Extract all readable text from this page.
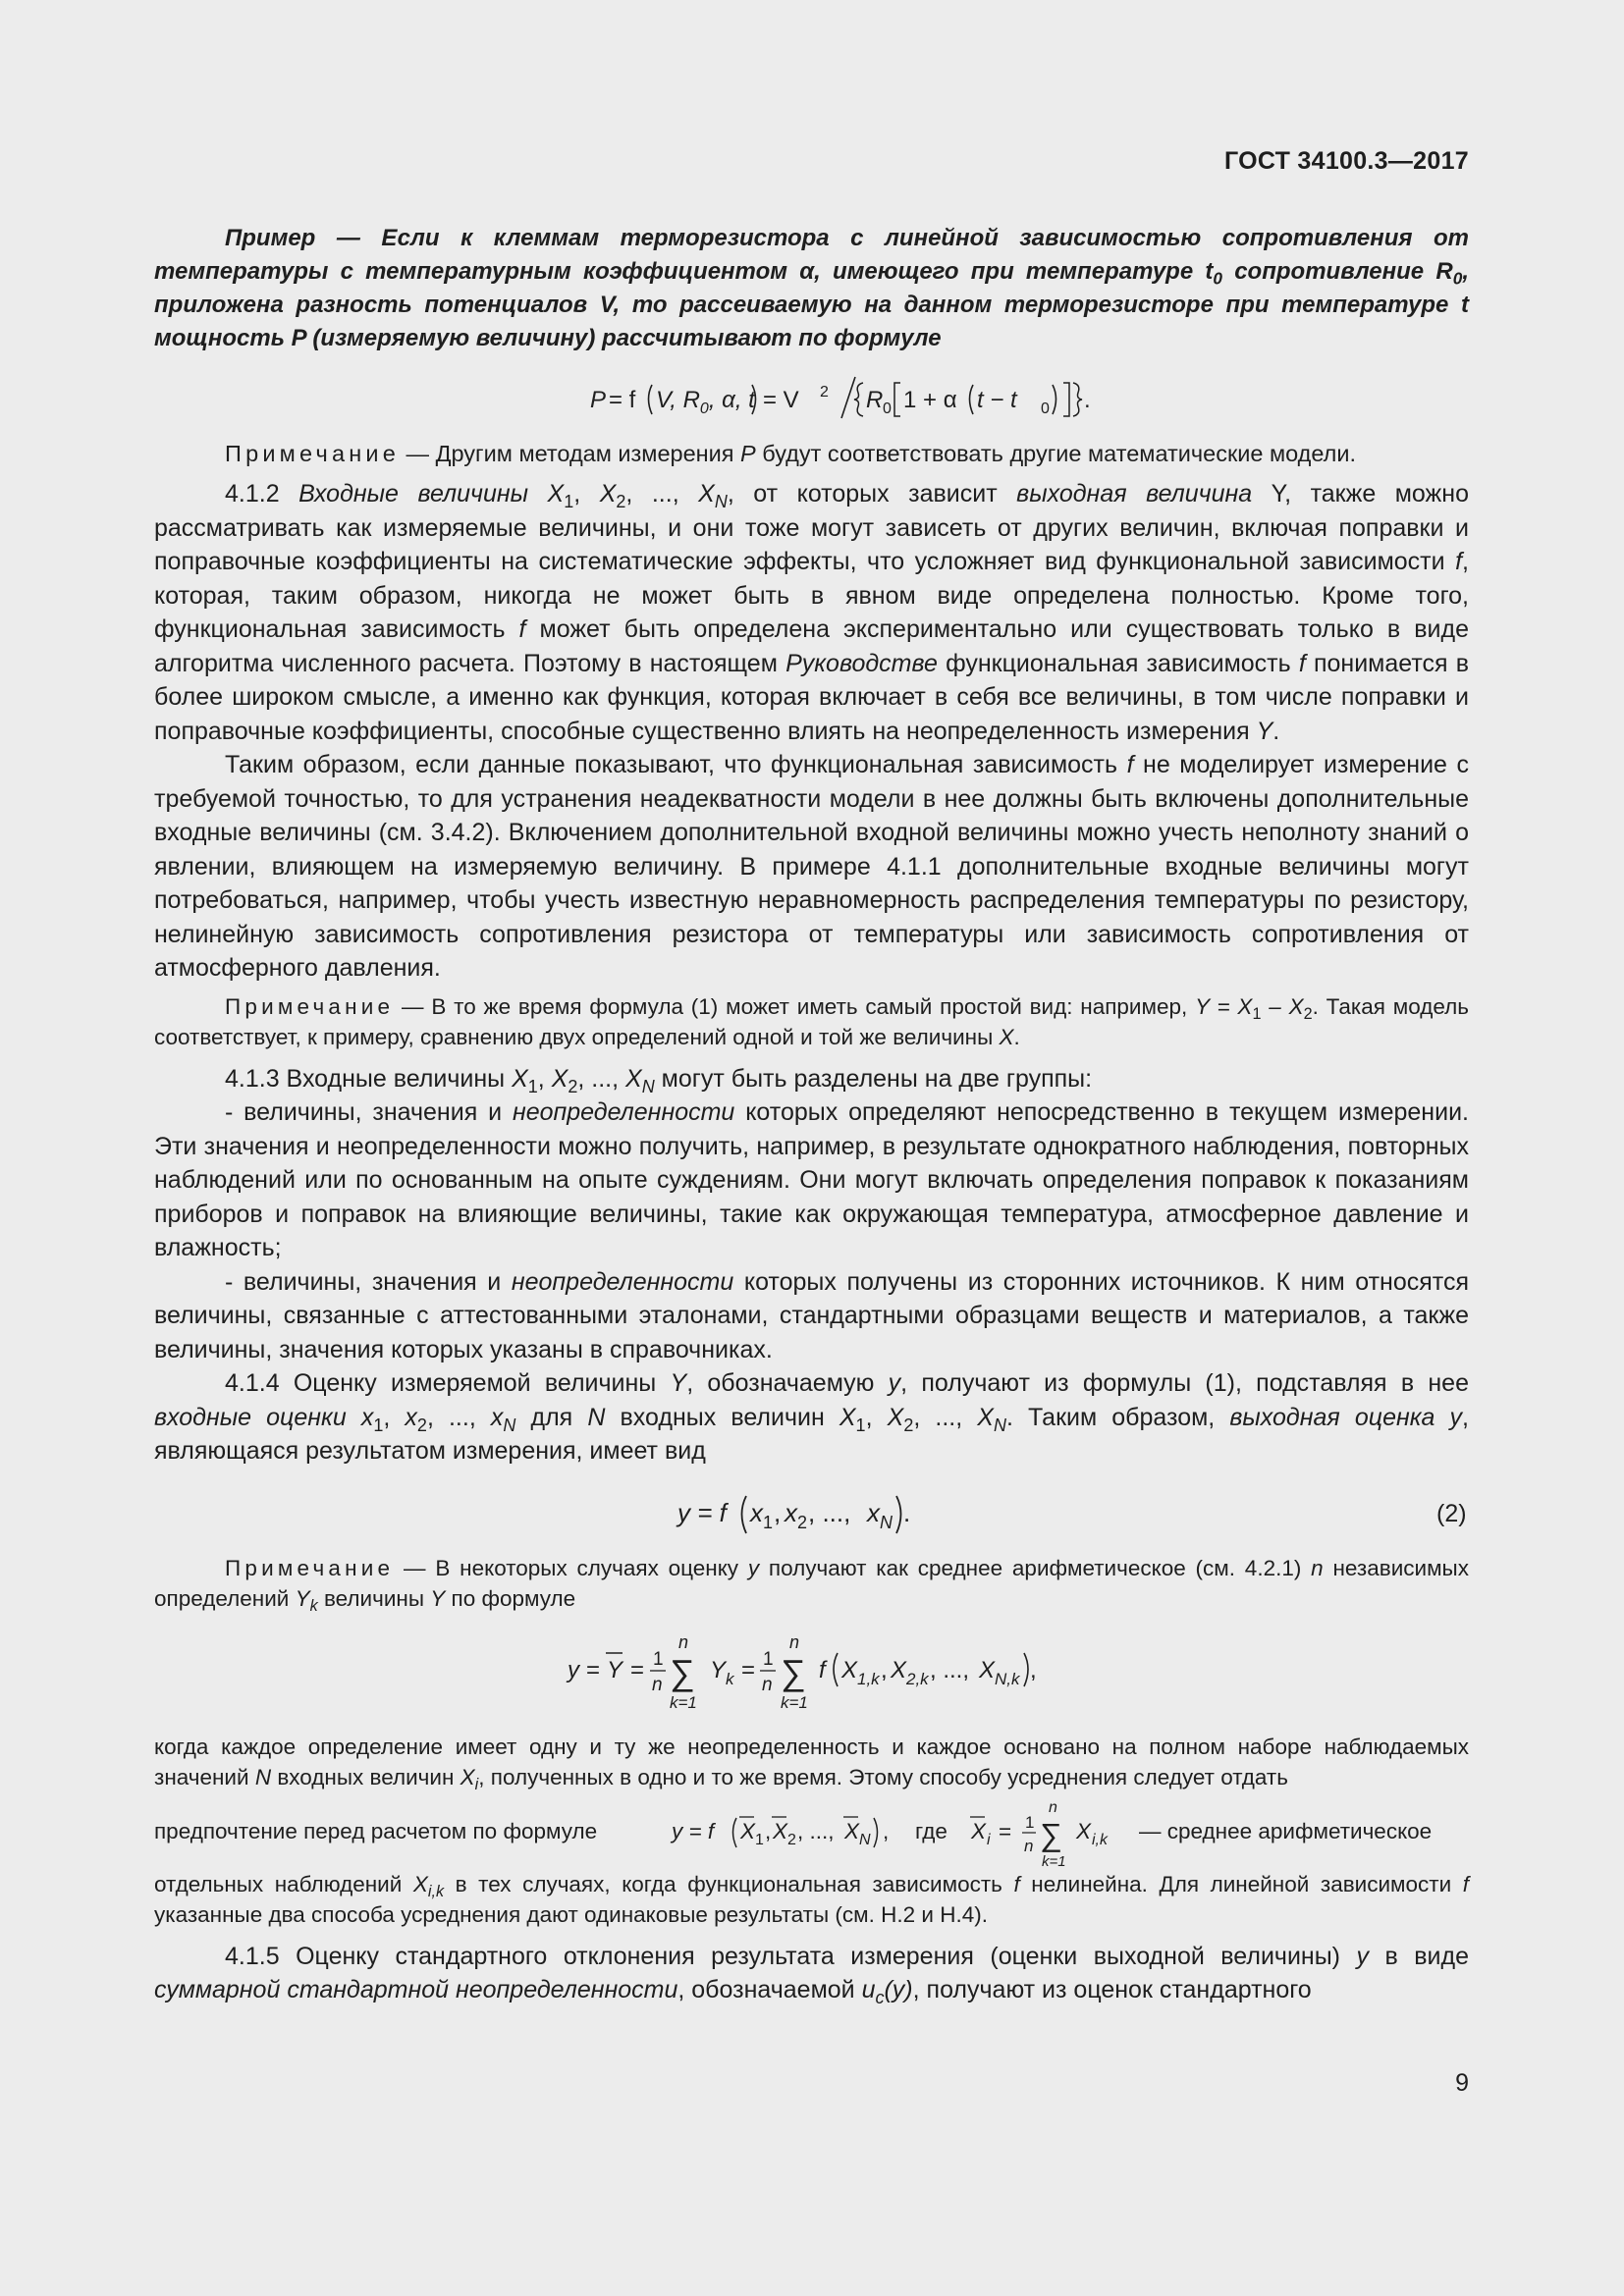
ГОСТ 34100.3—2017

Пример — Если к клеммам терморезистора с линейной зависимостью сопротивления от температуры с температурным коэффициентом α, имеющего при температуре $t_0$ сопротивление $R_0$, приложена разность потенциалов V, то рассеиваемую на данном терморезисторе при температуре t мощность P (измеряемую величину) рассчитывают по формуле

P = f V, $R_0$, α, t = V 2 R 0 1 + α t − t 0 .

Примечание — Другим методам измерения P будут соответствовать другие математические модели.

4.1.2 Входные величины $X_1$, $X_2$, ..., $X_N$, от которых зависит выходная величина Y, также можно рассматривать как измеряемые величины, и они тоже могут зависеть от других величин, включая поправки и поправочные коэффициенты на систематические эффекты, что усложняет вид функциональной зависимости f, которая, таким образом, никогда не может быть в явном виде определена полностью. Кроме того, функциональная зависимость f может быть определена экспериментально или существовать только в виде алгоритма численного расчета. Поэтому в настоящем Руководстве функциональная зависимость f понимается в более широком смысле, а именно как функция, которая включает в себя все величины, в том числе поправки и поправочные коэффициенты, способные существенно влиять на неопределенность измерения Y.

Таким образом, если данные показывают, что функциональная зависимость f не моделирует измерение с требуемой точностью, то для устранения неадекватности модели в нее должны быть включены дополнительные входные величины (см. 3.4.2). Включением дополнительной входной величины можно учесть неполноту знаний о явлении, влияющем на измеряемую величину. В примере 4.1.1 дополнительные входные величины могут потребоваться, например, чтобы учесть известную неравномерность распределения температуры по резистору, нелинейную зависимость сопротивления резистора от температуры или зависимость сопротивления от атмосферного давления.

Примечание — В то же время формула (1) может иметь самый простой вид: например, $Y = X_1 - X_2$. Такая модель соответствует, к примеру, сравнению двух определений одной и той же величины X.

4.1.3 Входные величины $X_1$, $X_2$, ..., $X_N$ могут быть разделены на две группы:

- величины, значения и неопределенности которых определяют непосредственно в текущем измерении. Эти значения и неопределенности можно получить, например, в результате однократного наблюдения, повторных наблюдений или по основанным на опыте суждениям. Они могут включать определения поправок к показаниям приборов и поправок на влияющие величины, такие как окружающая температура, атмосферное давление и влажность;

- величины, значения и неопределенности которых получены из сторонних источников. К ним относятся величины, связанные с аттестованными эталонами, стандартными образцами веществ и материалов, а также величины, значения которых указаны в справочниках.

4.1.4 Оценку измеряемой величины Y, обозначаемую y, получают из формулы (1), подставляя в нее входные оценки $x_1$, $x_2$, ..., $x_N$ для N входных величин $X_1$, $X_2$, ..., $X_N$. Таким образом, выходная оценка y, являющаяся результатом измерения, имеет вид

y = f x 1 , x 2 , ..., x N .	(2)

Примечание — В некоторых случаях оценку y получают как среднее арифметическое (см. 4.2.1) n независимых определений $Y_k$ величины Y по формуле

y = Y = 1
n
n
∑
k=1
Y k = 1
n
n
∑
k=1
f X 1,k , X 2,k , ..., X N,k ,

когда каждое определение имеет одну и ту же неопределенность и каждое основано на полном наборе наблюдаемых значений N входных величин $X_i$, полученных в одно и то же время. Этому способу усреднения следует отдать

предпочтение перед расчетом по формуле	y = f X 1 , X 2 , ..., X N , где X i = 1
n
n
∑
k=1
X i,k — среднее арифметическое

отдельных наблюдений $X_{i,k}$ в тех случаях, когда функциональная зависимость f нелинейна. Для линейной зависимости f указанные два способа усреднения дают одинаковые результаты (см. Н.2 и Н.4).

4.1.5 Оценку стандартного отклонения результата измерения (оценки выходной величины) y в виде суммарной стандартной неопределенности, обозначаемой $u_c(y)$, получают из оценок стандартного

9
